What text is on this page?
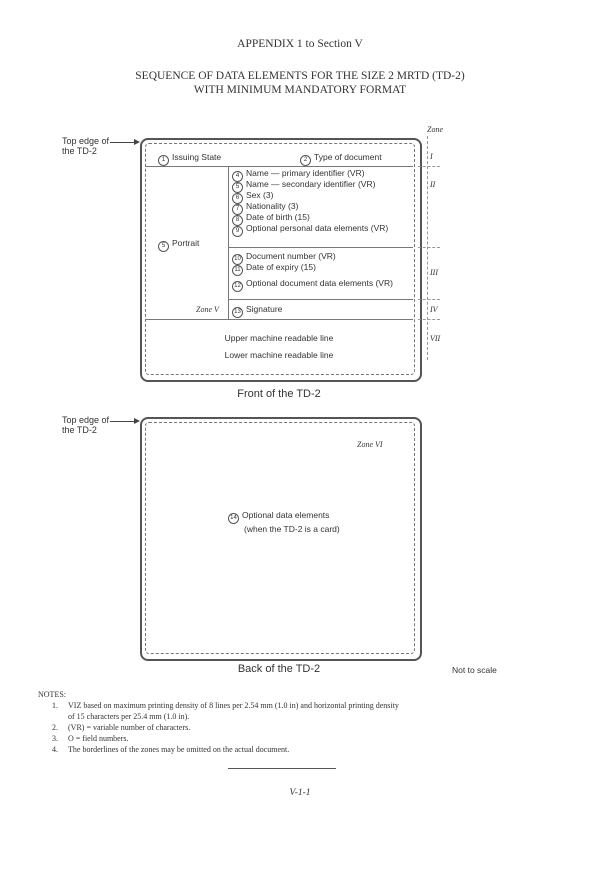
APPENDIX 1 to Section V
SEQUENCE OF DATA ELEMENTS FOR THE SIZE 2 MRTD (TD-2)
WITH MINIMUM MANDATORY FORMAT
Top edge of
the TD-2
Zone
1 Issuing State	2 Type of document
5 Portrait
4 Name — primary identifier (VR)
5 Name — secondary identifier (VR)
6 Sex (3)
7 Nationality (3)
8 Date of birth (15)
9 Optional personal data elements (VR)
10 Document number (VR)
11 Date of expiry (15)
12 Optional document data elements (VR)
Zone V	13 Signature
Upper machine readable line
Lower machine readable line
I
II
III
IV
VII
Front of the TD-2
Top edge of
the TD-2
Zone VI
14 Optional data elements
(when the TD-2 is a card)
Back of the TD-2	Not to scale
NOTES:
1. VIZ based on maximum printing density of 8 lines per 2.54 mm (1.0 in) and horizontal printing density
of 15 characters per 25.4 mm (1.0 in).
2. (VR) = variable number of characters.
3. O = field numbers.
4. The borderlines of the zones may be omitted on the actual document.
V-1-1
